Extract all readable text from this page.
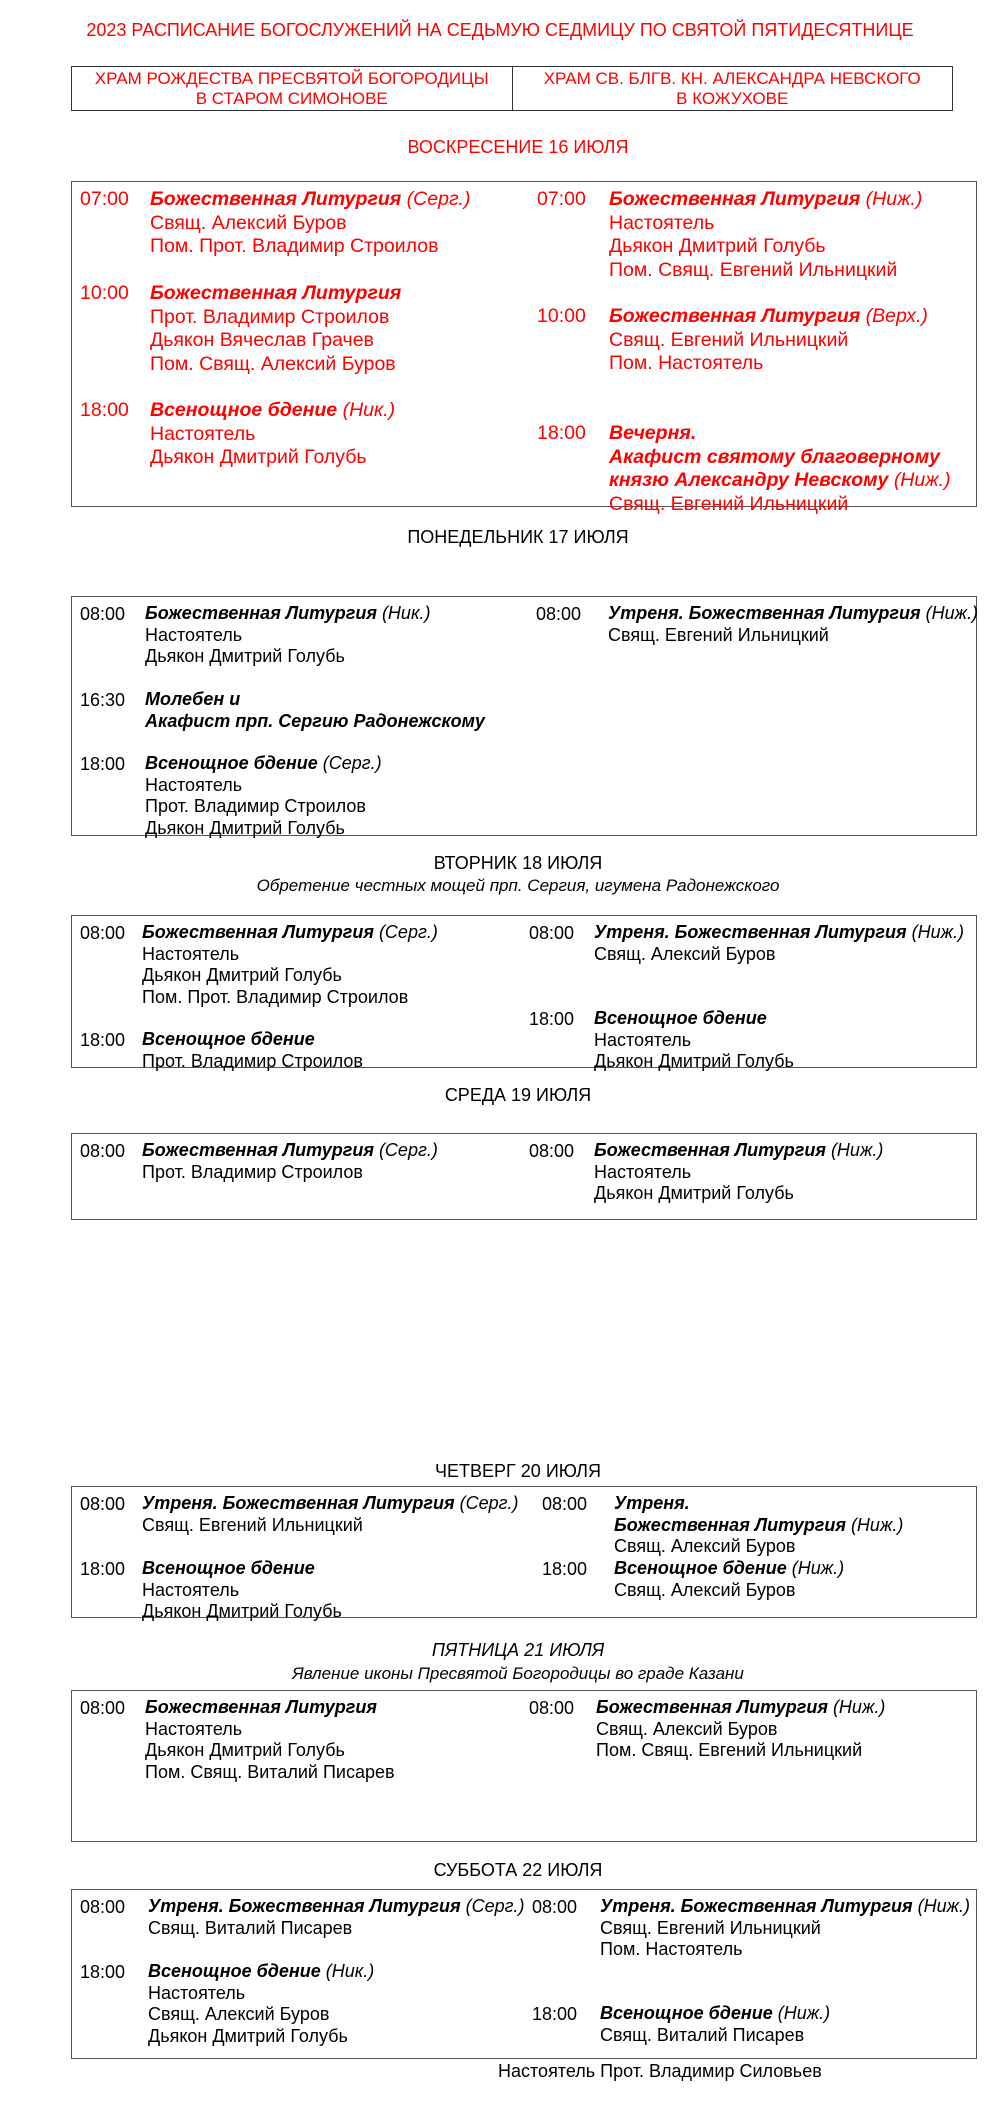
2023 РАСПИСАНИЕ БОГОСЛУЖЕНИЙ НА СЕДЬМУЮ СЕДМИЦУ ПО СВЯТОЙ ПЯТИДЕСЯТНИЦЕ
ХРАМ РОЖДЕСТВА ПРЕСВЯТОЙ БОГОРОДИЦЫ
В СТАРОМ СИМОНОВЕ
ХРАМ СВ. БЛГВ. КН. АЛЕКСАНДРА НЕВСКОГО
В КОЖУХОВЕ
ВОСКРЕСЕНИЕ 16 ИЮЛЯ
07:00 Божественная Литургия (Серг.)
Свящ. Алексий Буров
Пом. Прот. Владимир Строилов
10:00 Божественная Литургия
Прот. Владимир Строилов
Дьякон Вячеслав Грачев
Пом. Свящ. Алексий Буров
18:00 Всенощное бдение (Ник.)
Настоятель
Дьякон Дмитрий Голубь
07:00 Божественная Литургия (Ниж.)
Настоятель
Дьякон Дмитрий Голубь
Пом. Свящ. Евгений Ильницкий
10:00 Божественная Литургия (Верх.)
Свящ. Евгений Ильницкий
Пом. Настоятель
18:00 Вечерня.
Акафист святому благоверному
князю Александру Невскому (Ниж.)
Свящ. Евгений Ильницкий
ПОНЕДЕЛЬНИК 17 ИЮЛЯ
08:00 Божественная Литургия (Ник.)
Настоятель
Дьякон Дмитрий Голубь
16:30 Молебен и
Акафист прп. Сергию Радонежскому
18:00 Всенощное бдение (Серг.)
Настоятель
Прот. Владимир Строилов
Дьякон Дмитрий Голубь
08:00 Утреня. Божественная Литургия (Ниж.)
Свящ. Евгений Ильницкий
ВТОРНИК 18 ИЮЛЯ
Обретение честных мощей прп. Сергия, игумена Радонежского
08:00 Божественная Литургия (Серг.)
Настоятель
Дьякон Дмитрий Голубь
Пом. Прот. Владимир Строилов
18:00 Всенощное бдение
Прот. Владимир Строилов
08:00 Утреня. Божественная Литургия (Ниж.)
Свящ. Алексий Буров
18:00 Всенощное бдение
Настоятель
Дьякон Дмитрий Голубь
СРЕДА 19 ИЮЛЯ
08:00 Божественная Литургия (Серг.)
Прот. Владимир Строилов
08:00 Божественная Литургия (Ниж.)
Настоятель
Дьякон Дмитрий Голубь
ЧЕТВЕРГ 20 ИЮЛЯ
08:00 Утреня. Божественная Литургия (Серг.)
Свящ. Евгений Ильницкий
18:00 Всенощное бдение
Настоятель
Дьякон Дмитрий Голубь
08:00 Утреня.
Божественная Литургия (Ниж.)
Свящ. Алексий Буров
18:00 Всенощное бдение (Ниж.)
Свящ. Алексий Буров
ПЯТНИЦА 21 ИЮЛЯ
Явление иконы Пресвятой Богородицы во граде Казани
08:00 Божественная Литургия
Настоятель
Дьякон Дмитрий Голубь
Пом. Свящ. Виталий Писарев
08:00 Божественная Литургия (Ниж.)
Свящ. Алексий Буров
Пом. Свящ. Евгений Ильницкий
СУББОТА 22 ИЮЛЯ
08:00 Утреня. Божественная Литургия (Серг.)
Свящ. Виталий Писарев
18:00 Всенощное бдение (Ник.)
Настоятель
Свящ. Алексий Буров
Дьякон Дмитрий Голубь
08:00 Утреня. Божественная Литургия (Ниж.)
Свящ. Евгений Ильницкий
Пом. Настоятель
18:00 Всенощное бдение (Ниж.)
Свящ. Виталий Писарев
Настоятель Прот. Владимир Силовьев
